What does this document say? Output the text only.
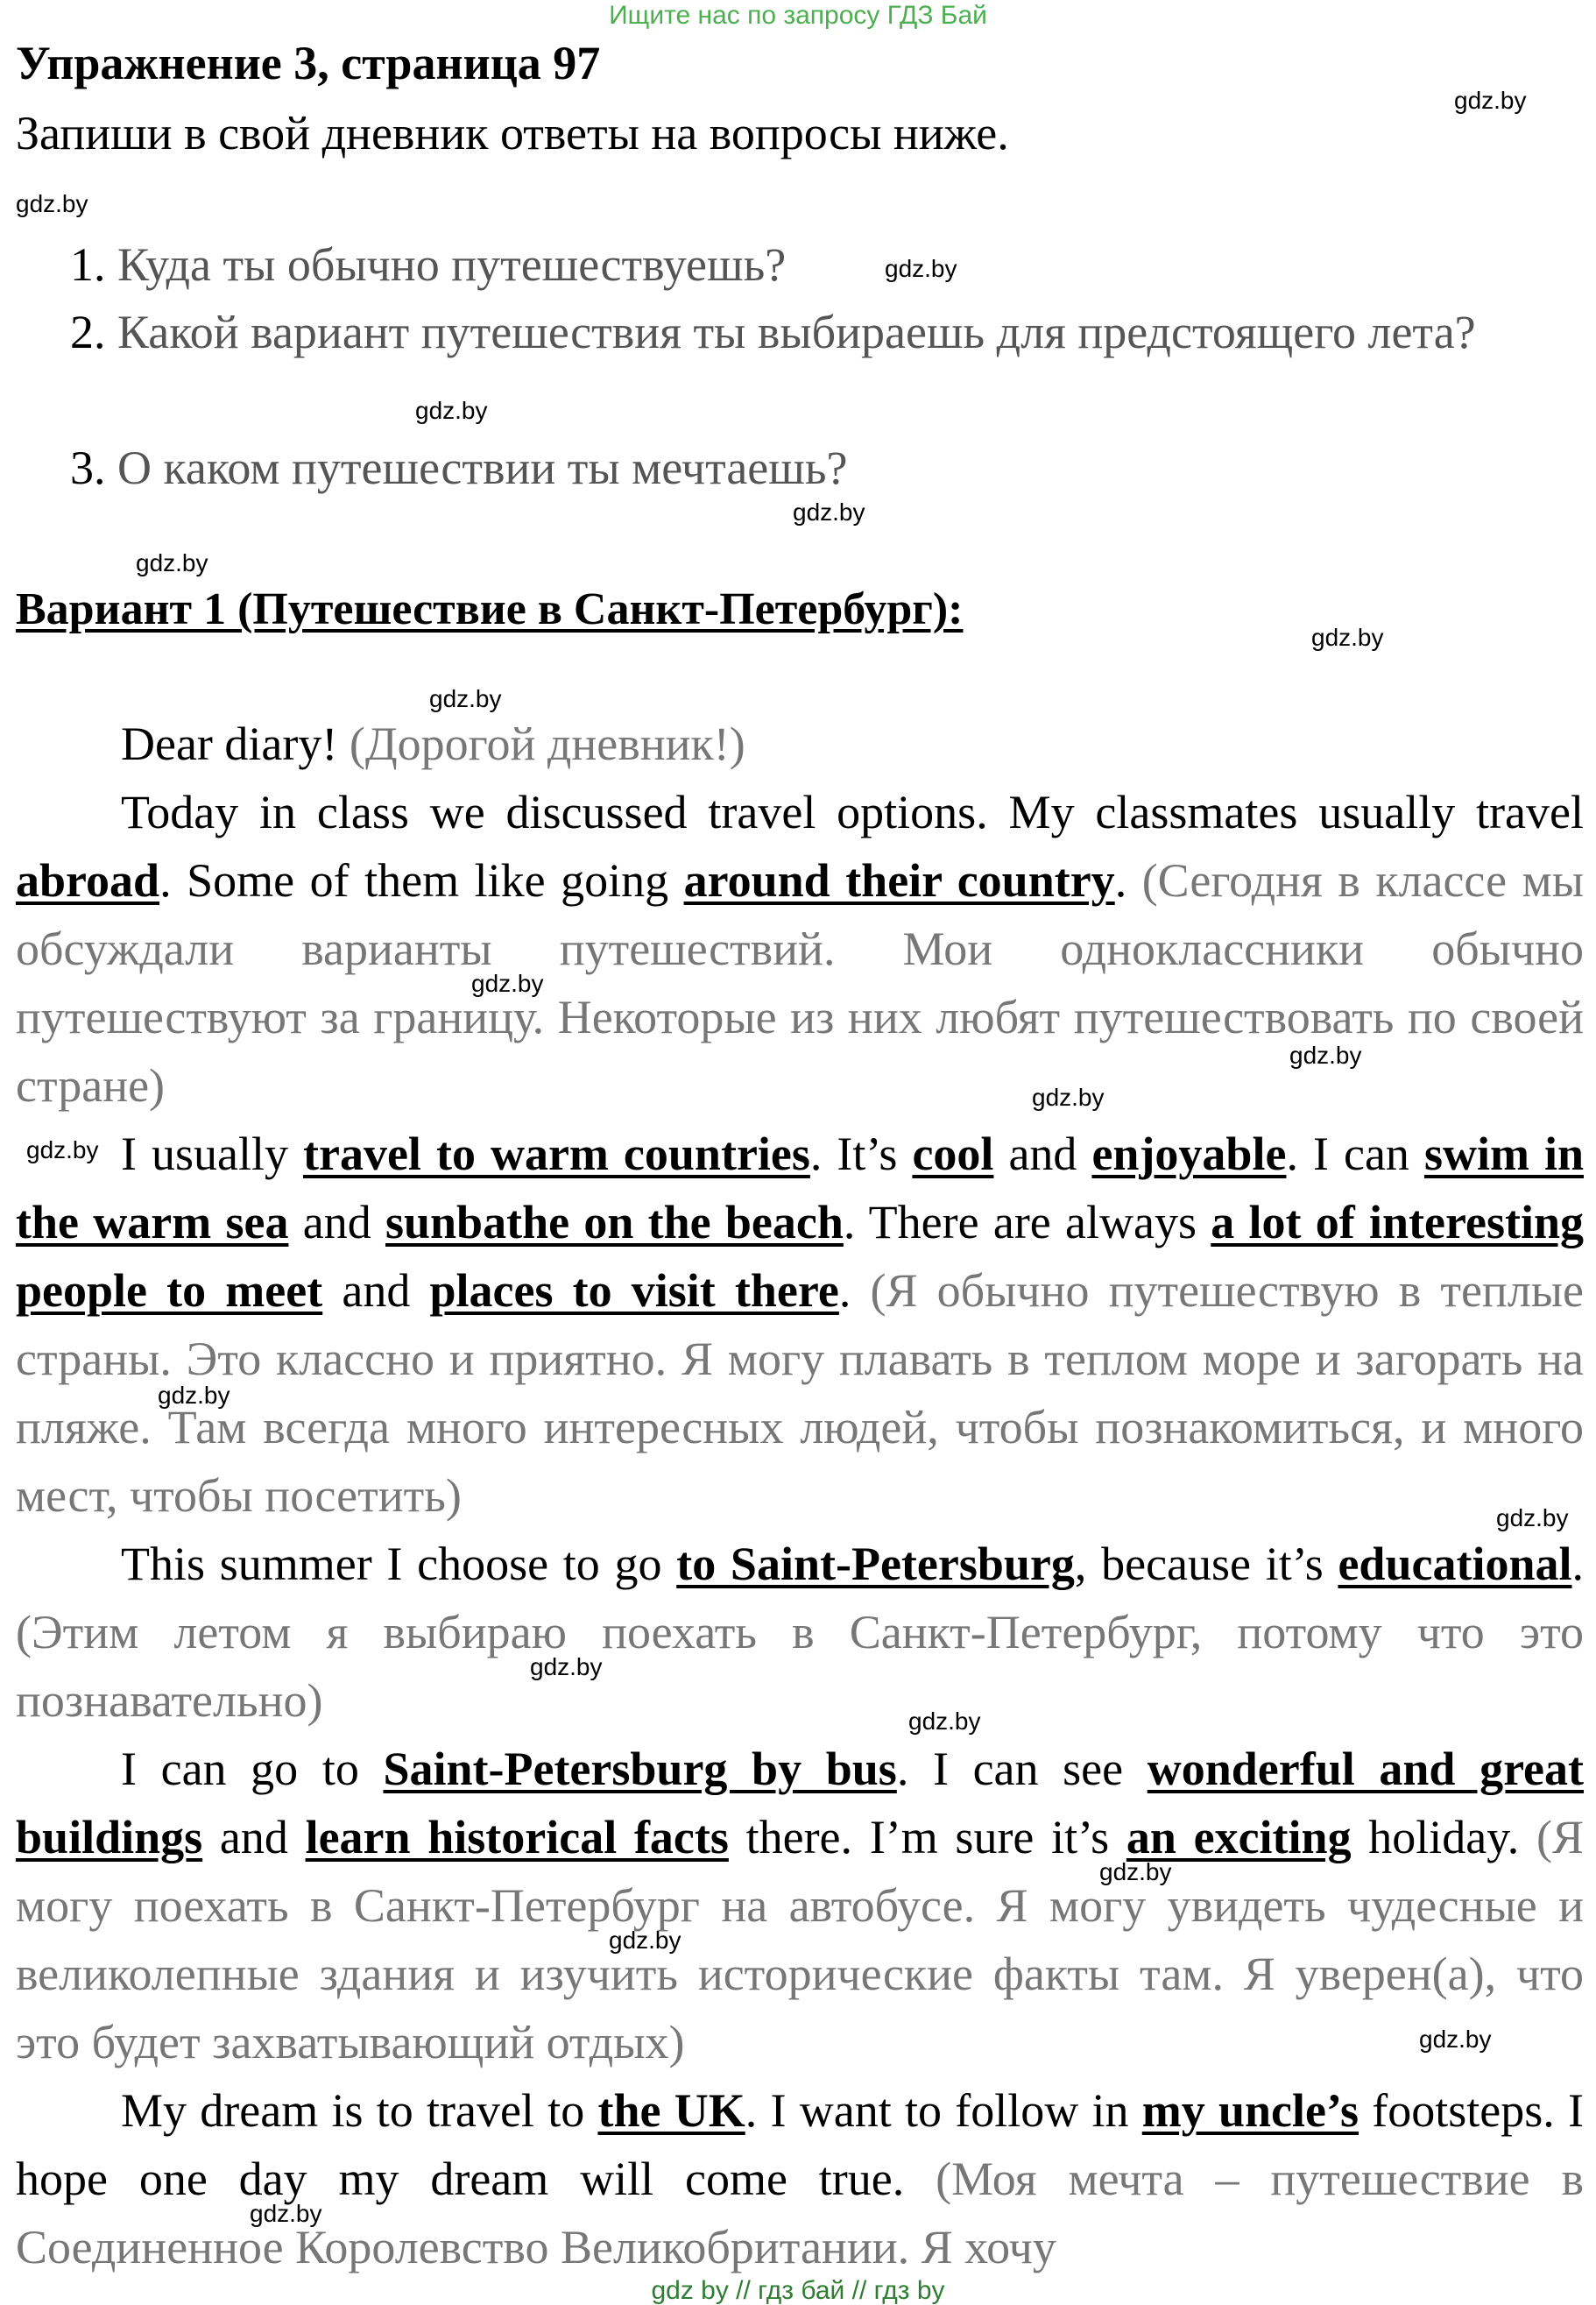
Ищите нас по запросу ГДЗ Бай
Упражнение 3, страница 97
Запиши в свой дневник ответы на вопросы ниже.
1. Куда ты обычно путешествуешь?
2. Какой вариант путешествия ты выбираешь для предстоящего лета?
3. О каком путешествии ты мечтаешь?
Вариант 1 (Путешествие в Санкт-Петербург):

Dear diary! (Дорогой дневник!)

Today in class we discussed travel options. My classmates usually travel abroad. Some of them like going around their country. (Сегодня в классе мы обсуждали варианты путешествий. Мои одноклассники обычно путешествуют за границу. Некоторые из них любят путешествовать по своей стране)

I usually travel to warm countries. It’s cool and enjoyable. I can swim in the warm sea and sunbathe on the beach. There are always a lot of interesting people to meet and places to visit there. (Я обычно путешествую в теплые страны. Это классно и приятно. Я могу плавать в теплом море и загорать на пляже. Там всегда много интересных людей, чтобы познакомиться, и много мест, чтобы посетить)

This summer I choose to go to Saint-Petersburg, because it’s educational. (Этим летом я выбираю поехать в Санкт-Петербург, потому что это познавательно)

I can go to Saint-Petersburg by bus. I can see wonderful and great buildings and learn historical facts there. I’m sure it’s an exciting holiday. (Я могу поехать в Санкт-Петербург на автобусе. Я могу увидеть чудесные и великолепные здания и изучить исторические факты там. Я уверен(а), что это будет захватывающий отдых)

My dream is to travel to the UK. I want to follow in my uncle’s footsteps. I hope one day my dream will come true. (Моя мечта – путешествие в Соединенное Королевство Великобритании. Я хочу

gdz.by
gdz.by
gdz.by
gdz.by
gdz.by
gdz.by
gdz.by
gdz.by
gdz.by
gdz.by
gdz.by
gdz.by
gdz.by
gdz.by
gdz.by
gdz.by
gdz.by
gdz.by
gdz.by
gdz.by
gdz by // гдз бай // гдз by
